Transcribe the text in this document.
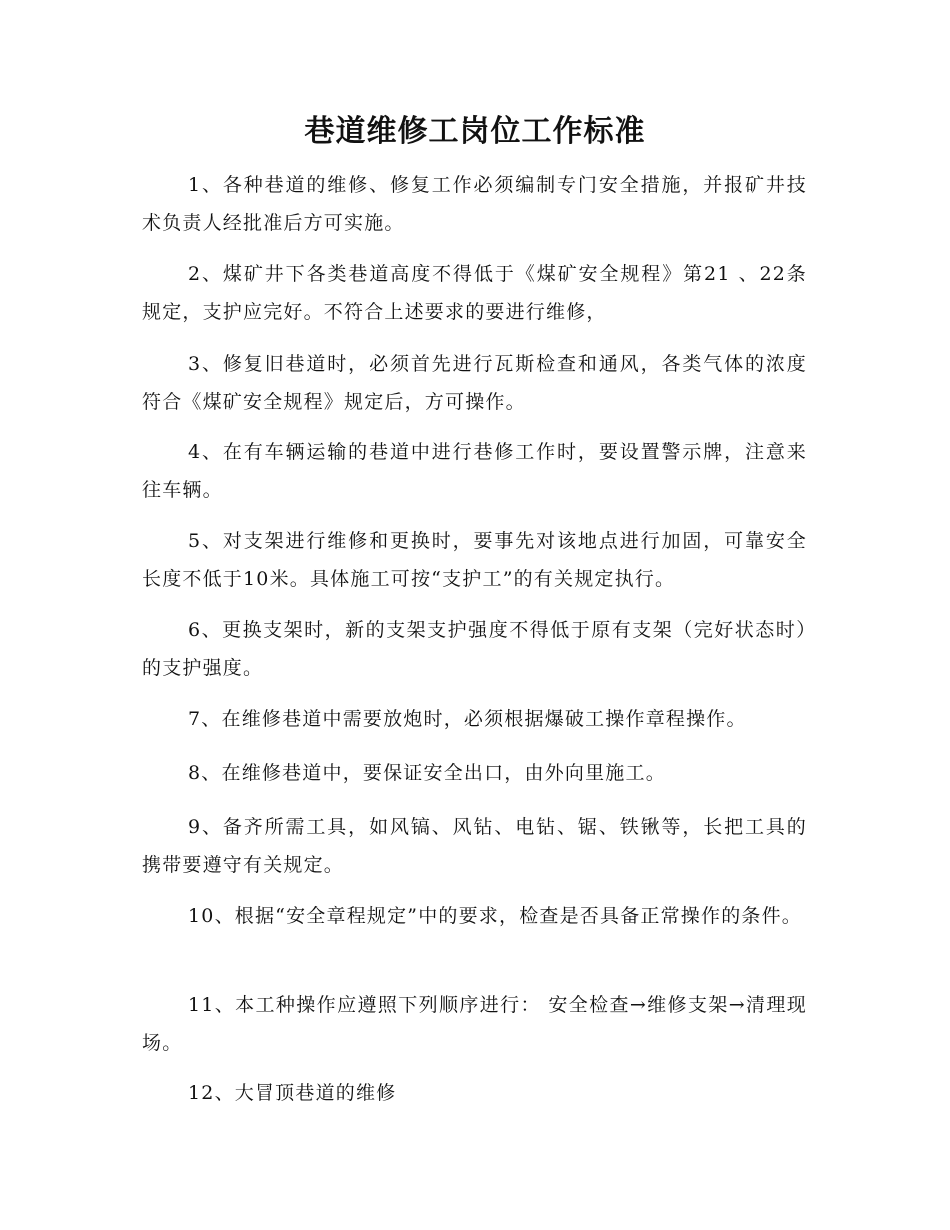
巷道维修工岗位工作标准

1、各种巷道的维修、修复工作必须编制专门安全措施，并报矿井技术负责人经批准后方可实施。

2、煤矿井下各类巷道高度不得低于《煤矿安全规程》第21 、22条规定，支护应完好。不符合上述要求的要进行维修，

3、修复旧巷道时，必须首先进行瓦斯检查和通风，各类气体的浓度符合《煤矿安全规程》规定后，方可操作。

4、在有车辆运输的巷道中进行巷修工作时，要设置警示牌，注意来往车辆。

5、对支架进行维修和更换时，要事先对该地点进行加固，可靠安全长度不低于10米。具体施工可按“支护工”的有关规定执行。

6、更换支架时，新的支架支护强度不得低于原有支架（完好状态时）的支护强度。

7、在维修巷道中需要放炮时，必须根据爆破工操作章程操作。

8、在维修巷道中，要保证安全出口，由外向里施工。

9、备齐所需工具，如风镐、风钻、电钻、锯、铁锹等，长把工具的携带要遵守有关规定。

10、根据“安全章程规定”中的要求，检查是否具备正常操作的条件。

11、本工种操作应遵照下列顺序进行： 安全检查→维修支架→清理现场。

12、大冒顶巷道的维修
